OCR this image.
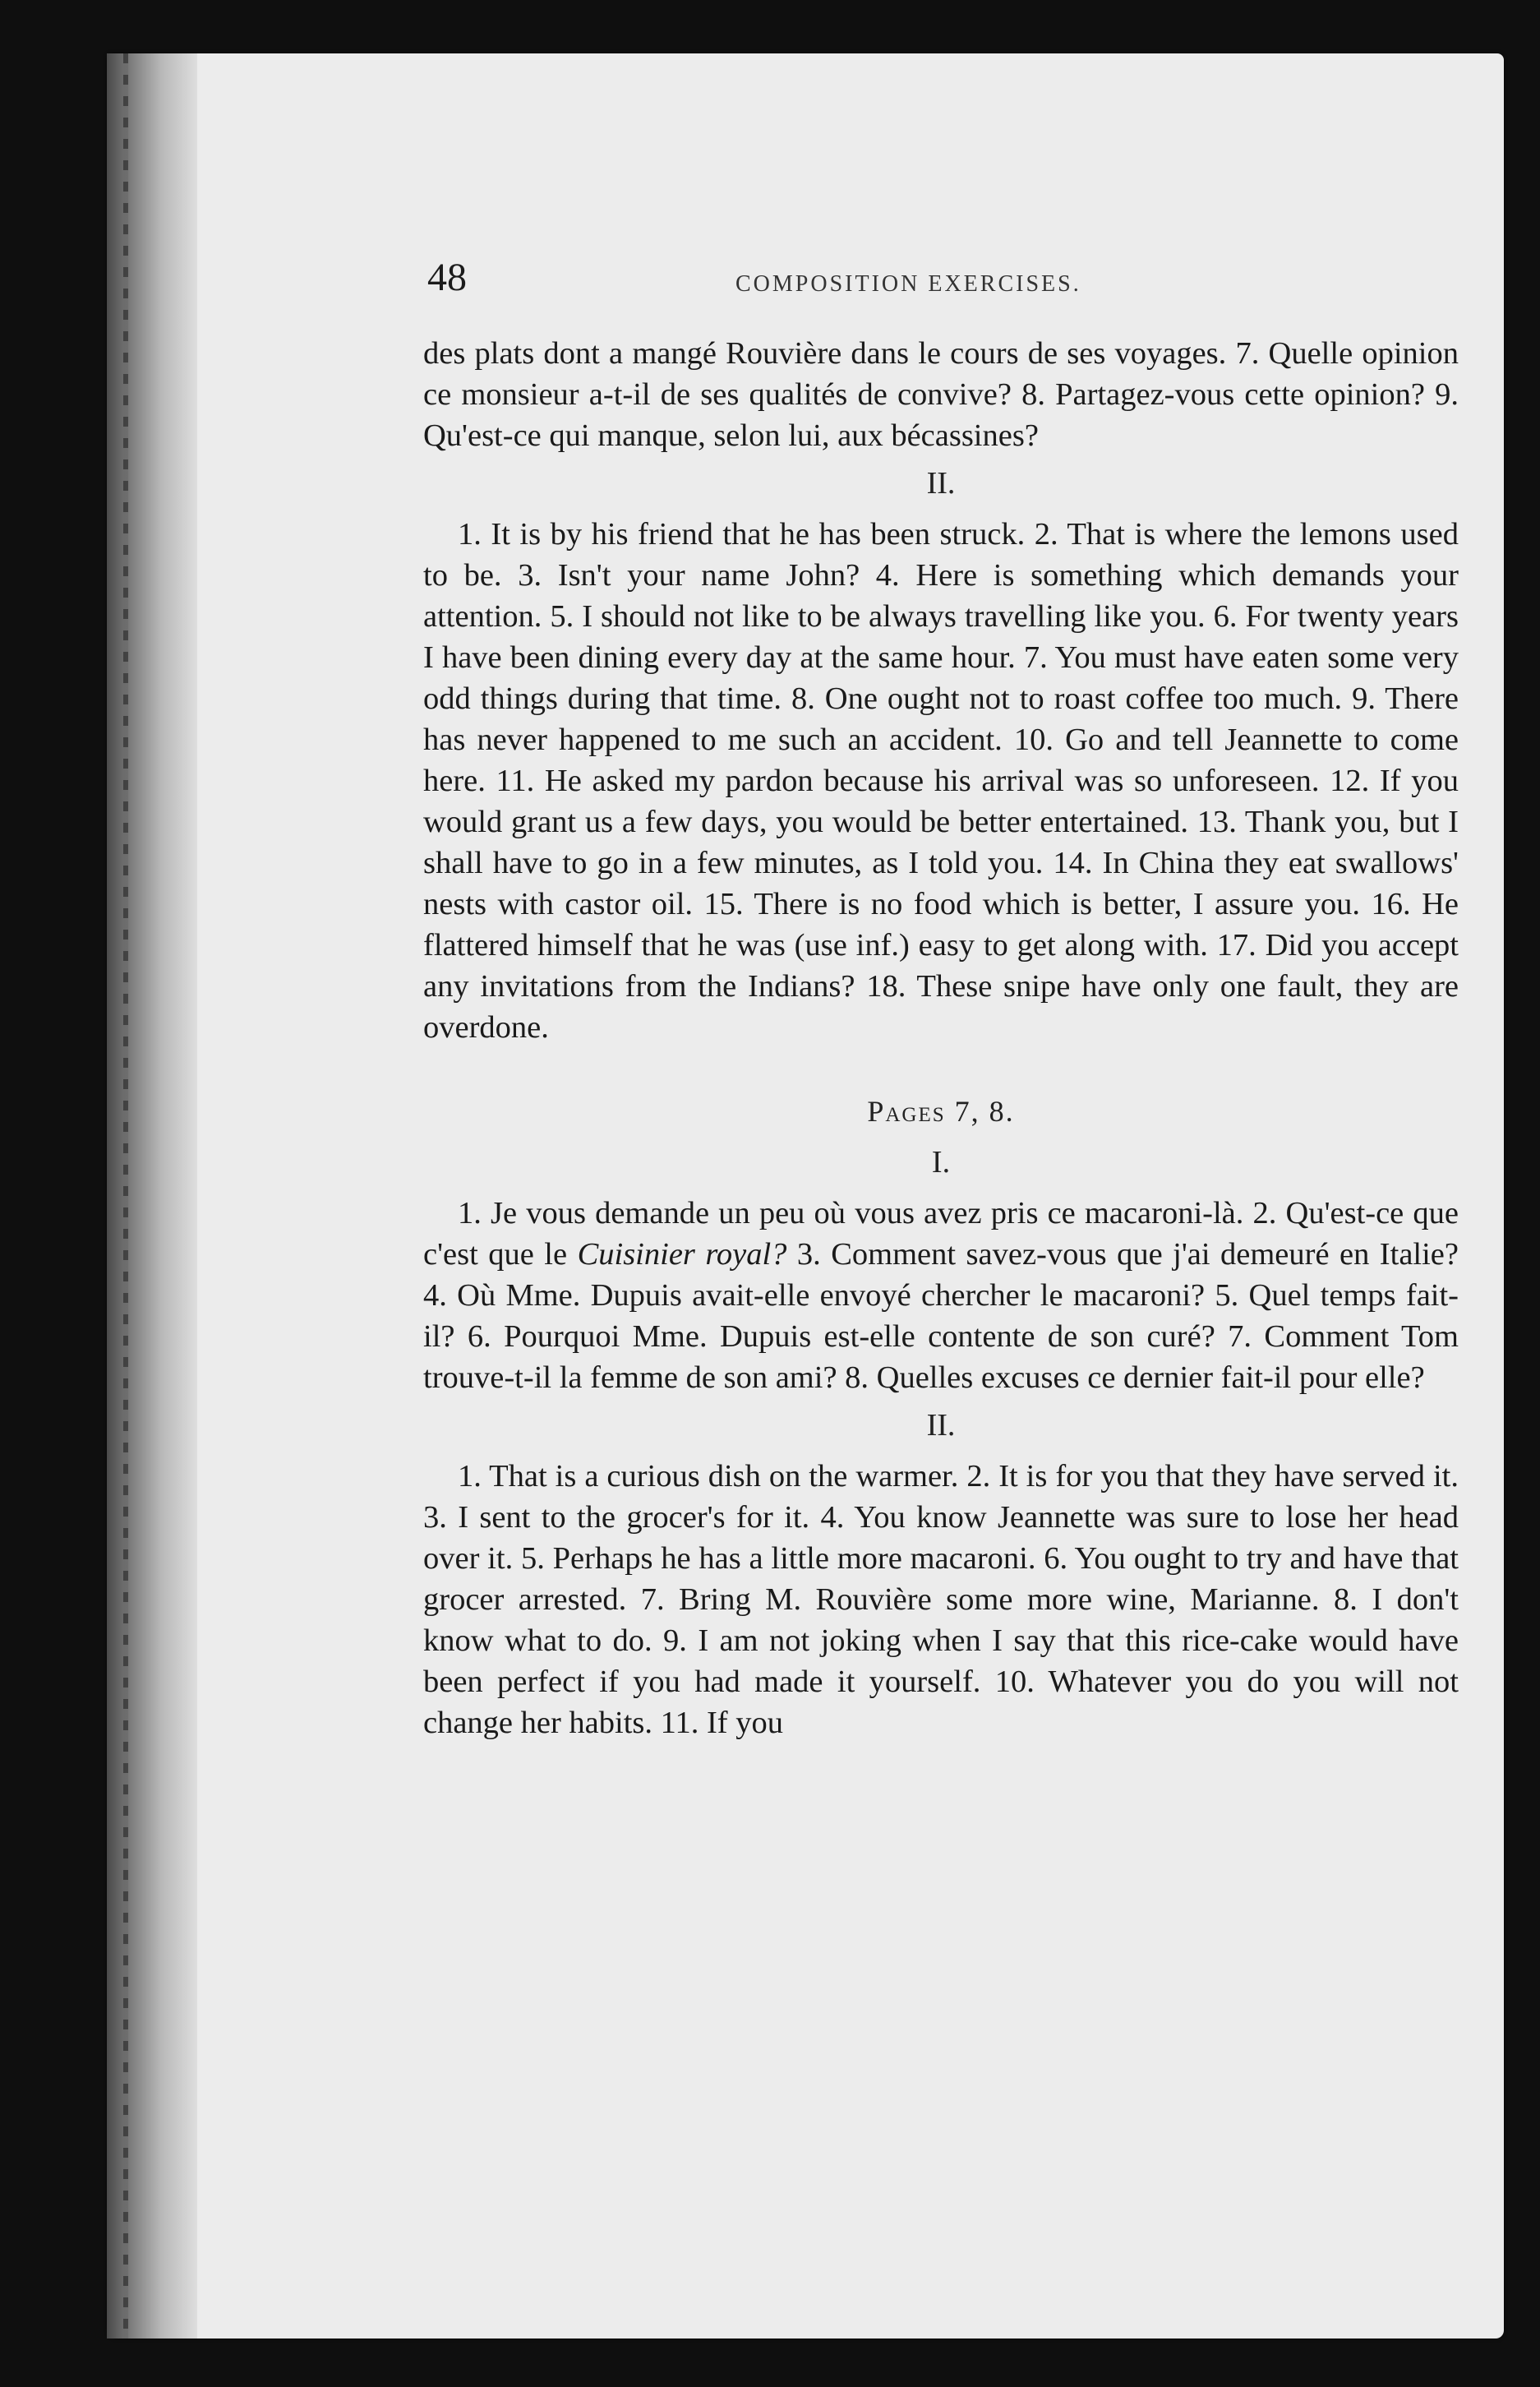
48	COMPOSITION EXERCISES.

des plats dont a mangé Rouvière dans le cours de ses voyages. 7. Quelle opinion ce monsieur a-t-il de ses qualités de convive? 8. Partagez-vous cette opinion? 9. Qu'est-ce qui manque, selon lui, aux bécassines?

II.

1. It is by his friend that he has been struck. 2. That is where the lemons used to be. 3. Isn't your name John? 4. Here is something which demands your attention. 5. I should not like to be always travelling like you. 6. For twenty years I have been dining every day at the same hour. 7. You must have eaten some very odd things during that time. 8. One ought not to roast coffee too much. 9. There has never happened to me such an accident. 10. Go and tell Jeannette to come here. 11. He asked my pardon because his arrival was so unforeseen. 12. If you would grant us a few days, you would be better entertained. 13. Thank you, but I shall have to go in a few minutes, as I told you. 14. In China they eat swallows' nests with castor oil. 15. There is no food which is better, I assure you. 16. He flattered himself that he was (use inf.) easy to get along with. 17. Did you accept any invitations from the Indians? 18. These snipe have only one fault, they are overdone.

Pages 7, 8.
I.

1. Je vous demande un peu où vous avez pris ce macaroni-là. 2. Qu'est-ce que c'est que le Cuisinier royal? 3. Comment savez-vous que j'ai demeuré en Italie? 4. Où Mme. Dupuis avait-elle envoyé chercher le macaroni? 5. Quel temps fait-il? 6. Pourquoi Mme. Dupuis est-elle contente de son curé? 7. Comment Tom trouve-t-il la femme de son ami? 8. Quelles excuses ce dernier fait-il pour elle?

II.

1. That is a curious dish on the warmer. 2. It is for you that they have served it. 3. I sent to the grocer's for it. 4. You know Jeannette was sure to lose her head over it. 5. Perhaps he has a little more macaroni. 6. You ought to try and have that grocer arrested. 7. Bring M. Rouvière some more wine, Marianne. 8. I don't know what to do. 9. I am not joking when I say that this rice-cake would have been perfect if you had made it yourself. 10. Whatever you do you will not change her habits. 11. If you
